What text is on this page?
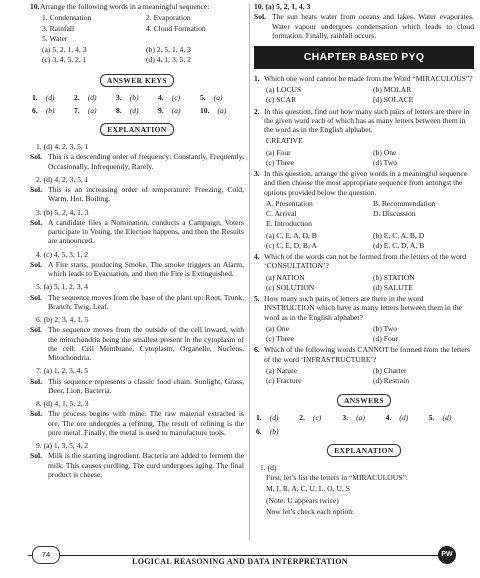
10. Arrange the following words in a meaningful sequence:
1. Condensation	2. Evaporation
3. Rainfall	4. Cloud Formation
5. Water
(a) 5, 2, 1, 4, 3	(b) 2, 5, 1, 4, 3
(c) 3, 4, 5, 2, 1	(d) 4, 1, 3, 5, 2
ANSWER KEYS
1. (d)	2. (d)	3. (b)	4. (c)	5. (a)
6. (b)	7. (a)	8. (d)	9. (a)	10. (a)
EXPLANATION

1. (d) 4, 2, 3, 5, 1

Sol. This is a descending order of frequency: Constantly, Frequently, Occasionally, Infrequently, Rarely.

2. (d) 4, 2, 3, 5, 1

Sol. This is an increasing order of temperature: Freezing, Cold, Warm, Hot, Boiling.

3. (b) 5, 2, 4, 1, 3

Sol. A candidate files a Nomination, conducts a Campaign, Voters participate in Voting, the Election happens, and then the Results are announced.

4. (c) 4, 5, 3, 1, 2

Sol. A Fire starts, producing Smoke. The smoke triggers an Alarm, which leads to Evacuation, and then the Fire is Extinguished.

5. (a) 5, 1, 2, 3, 4

Sol. The sequence moves from the base of the plant up: Root, Trunk, Branch, Twig, Leaf.

6. (b) 2, 3, 4, 1, 5

Sol. The sequence moves from the outside of the cell inward, with the mitochondria being the smallest present in the cytoplasm of the cell: Cell Membrane, Cytoplasm, Organelle, Nucleus, Mitochondria.

7. (a) 1, 2, 3, 4, 5

Sol. This sequence represents a classic food chain. Sunlight, Grass, Deer, Lion, Bacteria.

8. (d) 4, 1, 5, 2, 3

Sol. The process begins with mine. The raw material extracted is ore. The ore undergoes a refining. The result of refining is the pure metal. Finally, the metal is used to manufacture tools.

9. (a) 1, 3, 5, 4, 2

Sol. Milk is the starting ingredient. Bacteria are added to ferment the milk. This causes curdling. The curd undergoes aging. The final product is cheese.

10. (a) 5, 2, 1, 4, 3

Sol. The sun heats water from oceans and lakes. Water evaporates. Water vapour undergoes condensation which leads to cloud formation. Finally, rainfall occurs.
CHAPTER BASED PYQ
1. Which one word cannot be made from the Word “MIRACULOUS”?
(a) LOCUS	(b) MOLAR
(c) SCAR	(d) SOLACE
2. In this question, find out how many such pairs of letters are there in the given word each of which has as many letters between them in the word as in the English alphabet.

CREATIVE

(a) Four	(b) One
(c) Three	(d) Two
3. In this question, arrange the given words in a meaningful sequence and then choose the most appropriate sequence from amongst the options provided below the question.
A. Presentation	B. Recommendation
C. Arrival	D. Discussion
E. Introduction
(a) C, E, A, D, B	(b) E, C, A, B, D
(c) C, E, D, B, A	(d) E, C, D, A, B
4. Which of the words can not be formed from the letters of the word ‘CONSULTATION’?
(a) NATION	(b) STATION
(c) SOLUTION	(d) SALUTE
5. How many such pairs of letters are there in the word INSTRUCTION which have as many letters between them in the word as in the English alphabet?
(a) One	(b) Two
(c) Three	(d) Four
6. Which of the following words CANNOT be formed from the letters of the word ‘INFRASTRUCTURE’?
(a) Nature	(b) Charter
(c) Fracture	(d) Restrain
ANSWERS
1. (d)	2. (c)	3. (a)	4. (d)	5. (d)
6. (b)
EXPLANATION

1. (d)

First, let’s list the letters in “MIRACULOUS”:

M, I, R, A, C, U, L, O, U, S

(Note: U appears twice)

Now let’s check each option:

74
LOGICAL REASONING AND DATA INTERPRETATION
PW
